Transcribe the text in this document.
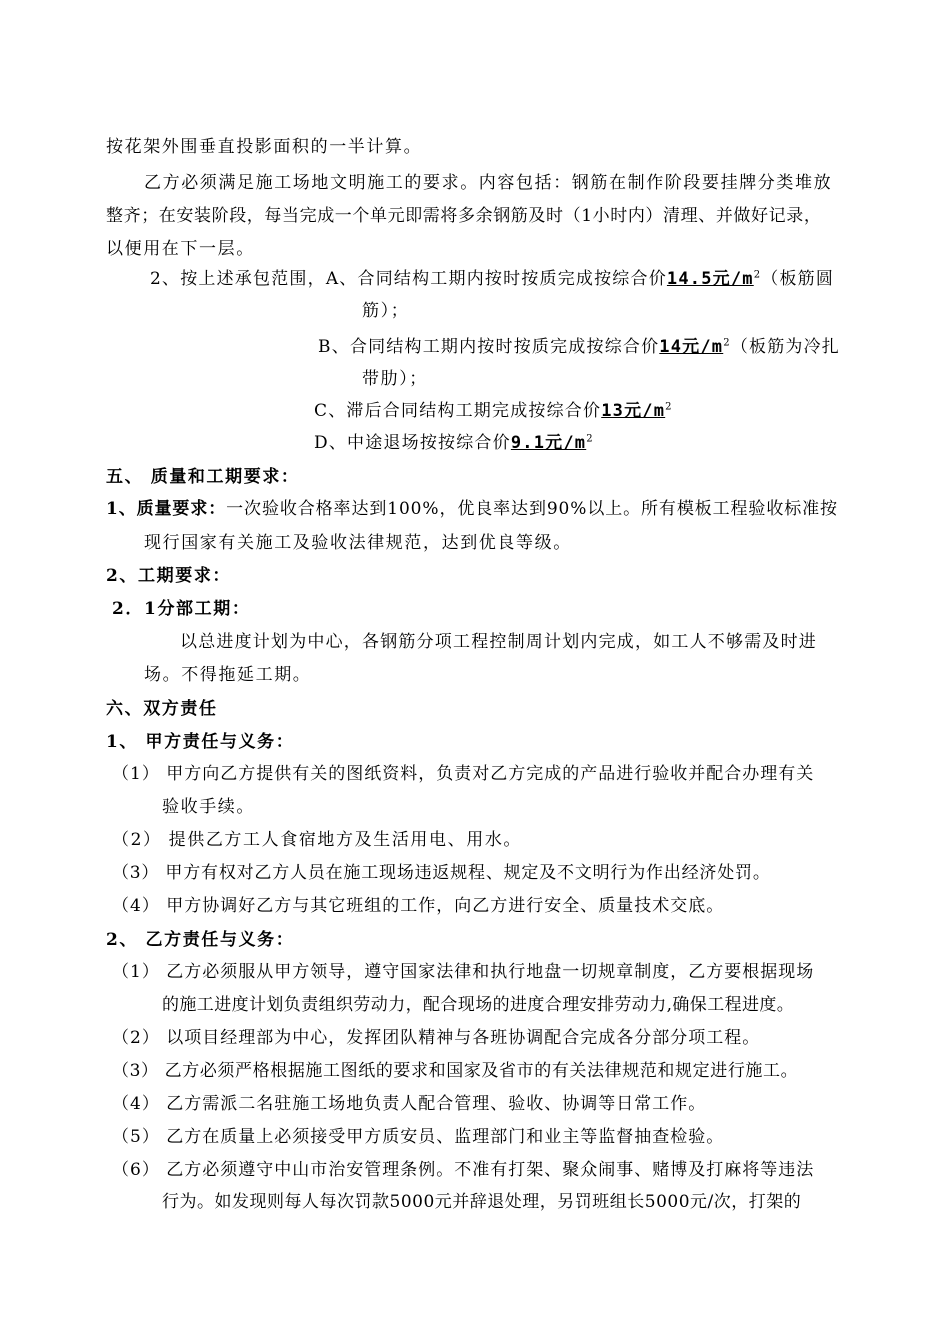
按花架外围垂直投影面积的一半计算。
乙方必须满足施工场地文明施工的要求。内容包括：钢筋在制作阶段要挂牌分类堆放
整齐；在安装阶段，每当完成一个单元即需将多余钢筋及时（1小时内）清理、并做好记录，
以便用在下一层。
2、按上述承包范围，A、合同结构工期内按时按质完成按综合价14.5元$/m^2$（板筋圆
筋）；
B、合同结构工期内按时按质完成按综合价14元$/m^2$（板筋为冷扎
带肋）；
C、滞后合同结构工期完成按综合价13元$/m^2$
D、中途退场按按综合价9.1元$/m^2$
五、 质量和工期要求：
1、质量要求：一次验收合格率达到100%，优良率达到90%以上。所有模板工程验收标准按
现行国家有关施工及验收法律规范，达到优良等级。
2、工期要求：
2．1分部工期：
以总进度计划为中心，各钢筋分项工程控制周计划内完成，如工人不够需及时进
场。不得拖延工期。
六、双方责任
1、 甲方责任与义务：
（1） 甲方向乙方提供有关的图纸资料，负责对乙方完成的产品进行验收并配合办理有关
验收手续。
（2） 提供乙方工人食宿地方及生活用电、用水。
（3） 甲方有权对乙方人员在施工现场违返规程、规定及不文明行为作出经济处罚。
（4） 甲方协调好乙方与其它班组的工作，向乙方进行安全、质量技术交底。
2、 乙方责任与义务：
（1） 乙方必须服从甲方领导，遵守国家法律和执行地盘一切规章制度，乙方要根据现场
的施工进度计划负责组织劳动力，配合现场的进度合理安排劳动力,确保工程进度。
（2） 以项目经理部为中心，发挥团队精神与各班协调配合完成各分部分项工程。
（3） 乙方必须严格根据施工图纸的要求和国家及省市的有关法律规范和规定进行施工。
（4） 乙方需派二名驻施工场地负责人配合管理、验收、协调等日常工作。
（5） 乙方在质量上必须接受甲方质安员、监理部门和业主等监督抽查检验。
（6） 乙方必须遵守中山市治安管理条例。不准有打架、聚众闹事、赌博及打麻将等违法
行为。如发现则每人每次罚款5000元并辞退处理，另罚班组长5000元/次，打架的
